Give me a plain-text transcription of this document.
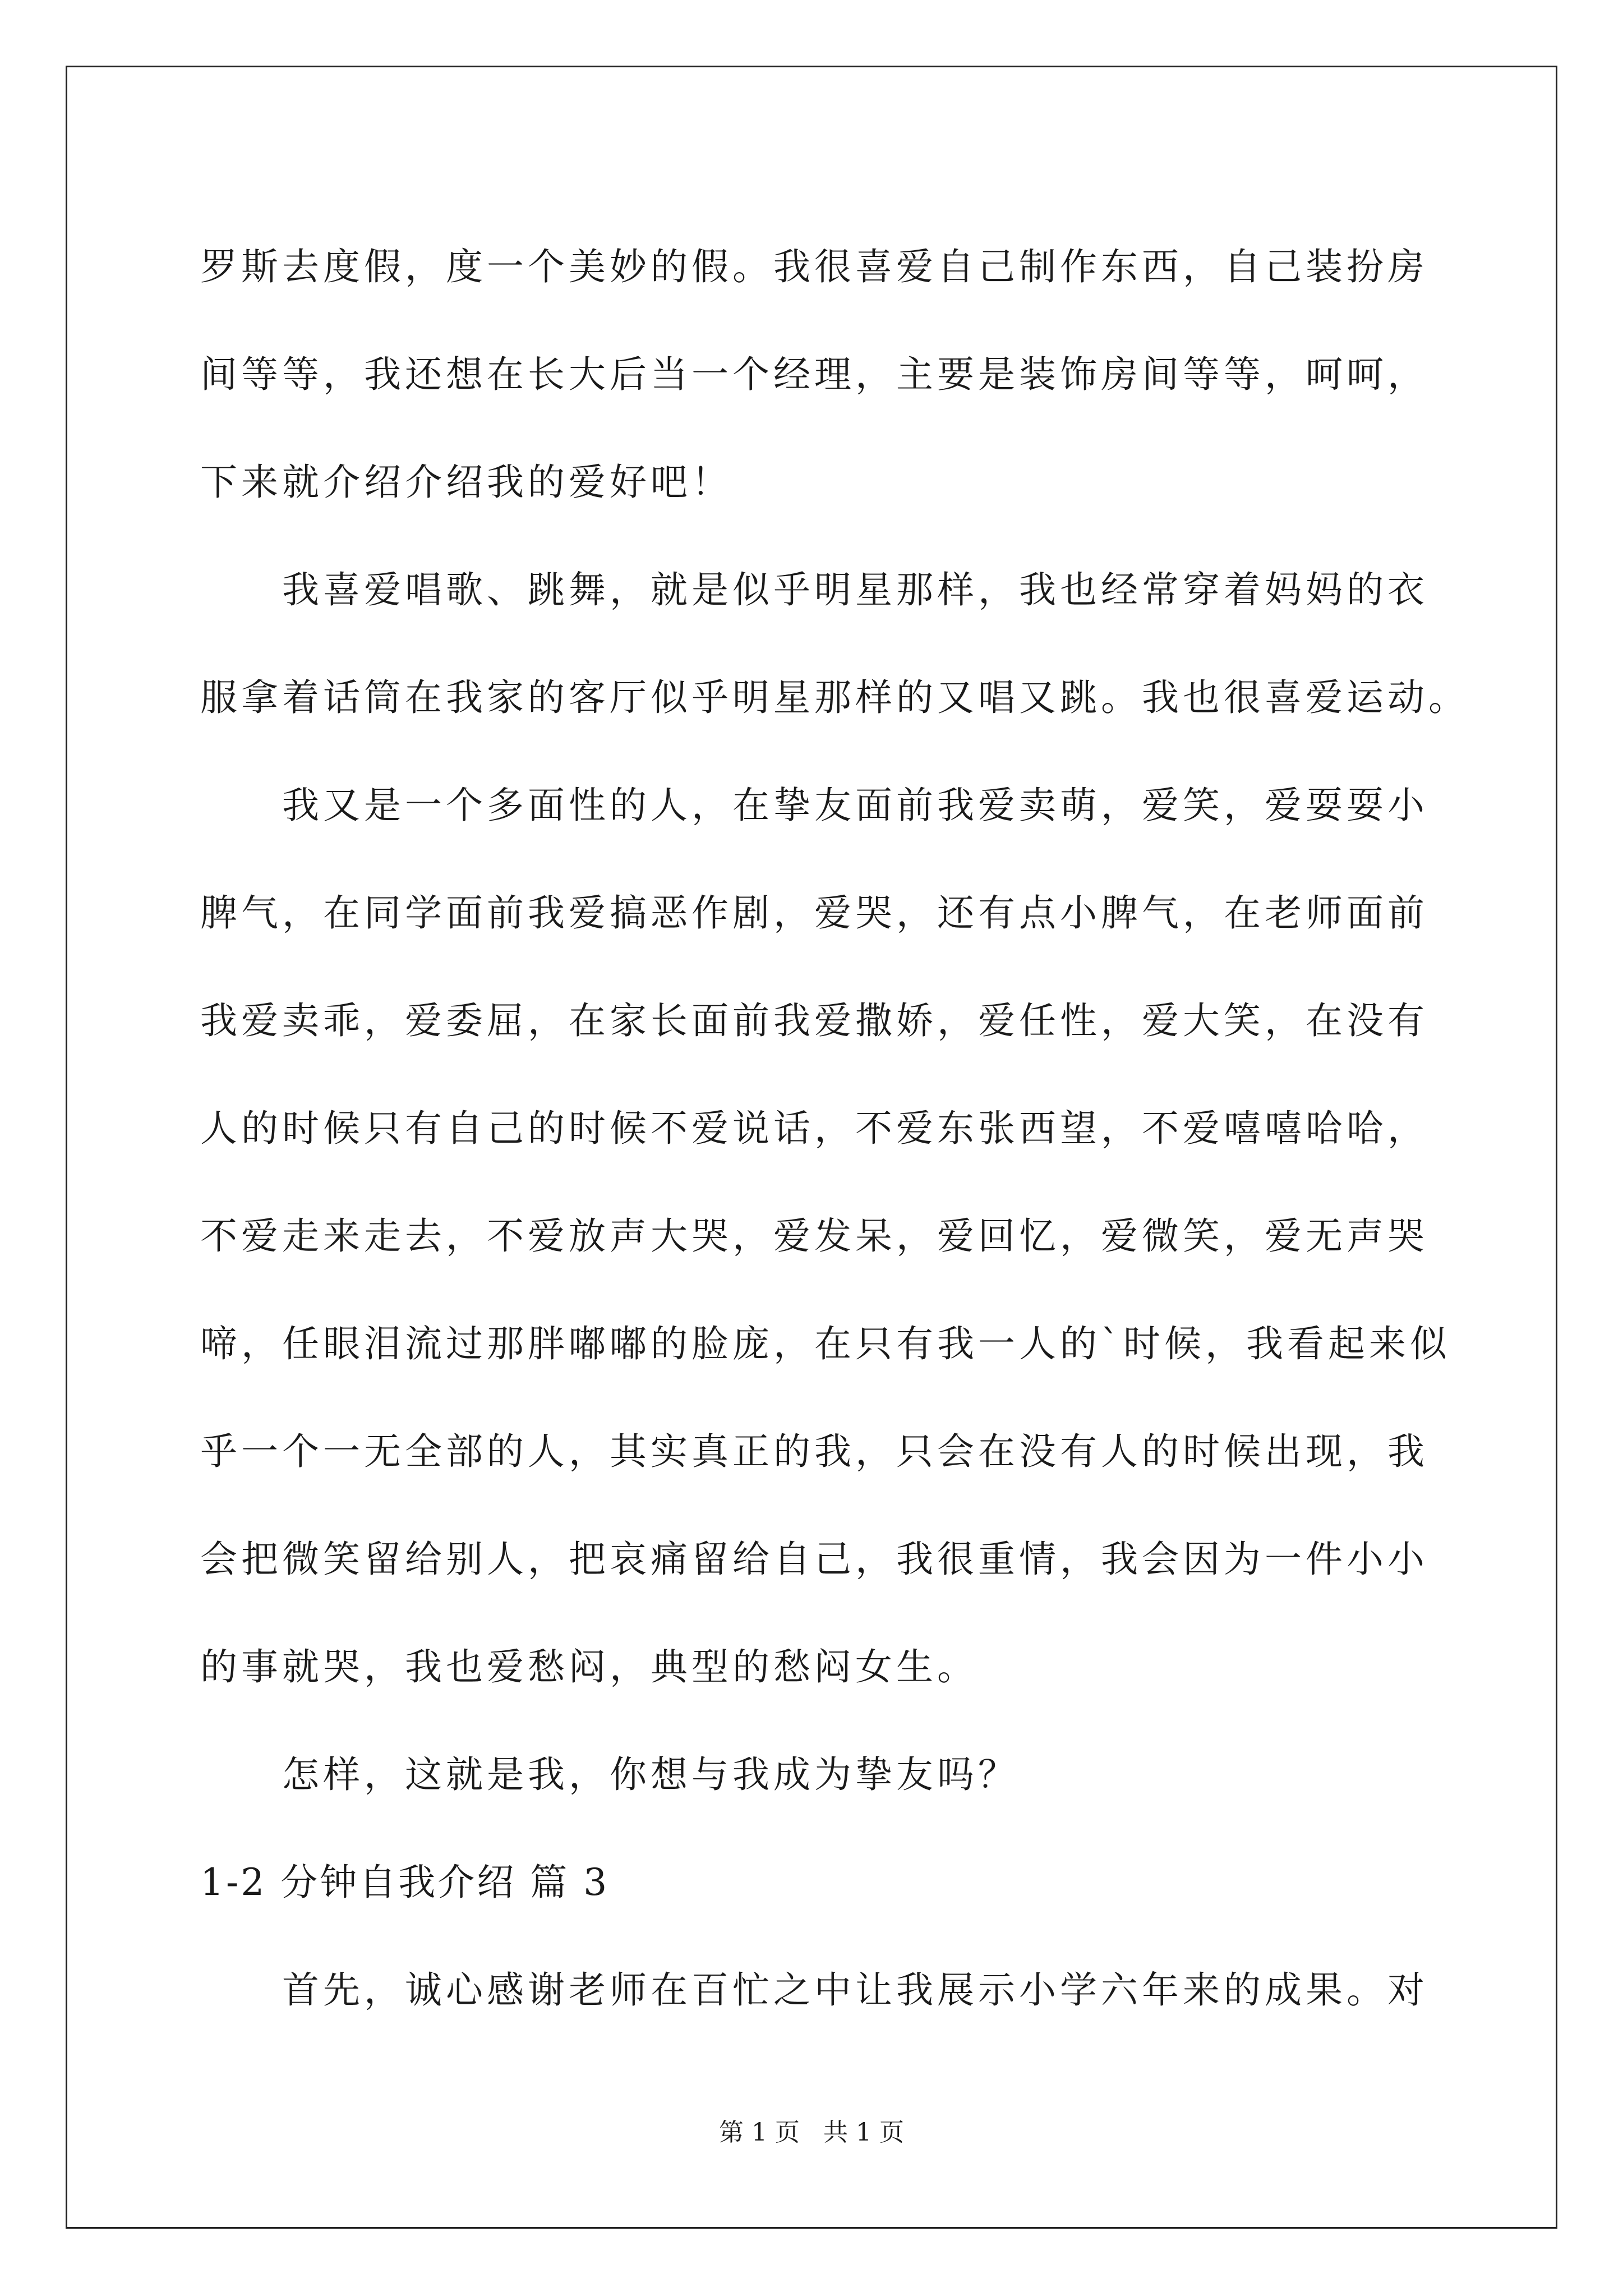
罗斯去度假，度一个美妙的假。我很喜爱自己制作东西，自己装扮房
间等等，我还想在长大后当一个经理，主要是装饰房间等等，呵呵，
下来就介绍介绍我的爱好吧！
我喜爱唱歌、跳舞，就是似乎明星那样，我也经常穿着妈妈的衣
服拿着话筒在我家的客厅似乎明星那样的又唱又跳。我也很喜爱运动。
我又是一个多面性的人，在挚友面前我爱卖萌，爱笑，爱耍耍小
脾气，在同学面前我爱搞恶作剧，爱哭，还有点小脾气，在老师面前
我爱卖乖，爱委屈，在家长面前我爱撒娇，爱任性，爱大笑，在没有
人的时候只有自己的时候不爱说话，不爱东张西望，不爱嘻嘻哈哈，
不爱走来走去，不爱放声大哭，爱发呆，爱回忆，爱微笑，爱无声哭
啼，任眼泪流过那胖嘟嘟的脸庞，在只有我一人的`时候，我看起来似
乎一个一无全部的人，其实真正的我，只会在没有人的时候出现，我
会把微笑留给别人，把哀痛留给自己，我很重情，我会因为一件小小
的事就哭，我也爱愁闷，典型的愁闷女生。
怎样，这就是我，你想与我成为挚友吗？
1-2 分钟自我介绍 篇 3
首先，诚心感谢老师在百忙之中让我展示小学六年来的成果。对
第 1 页   共 1 页
